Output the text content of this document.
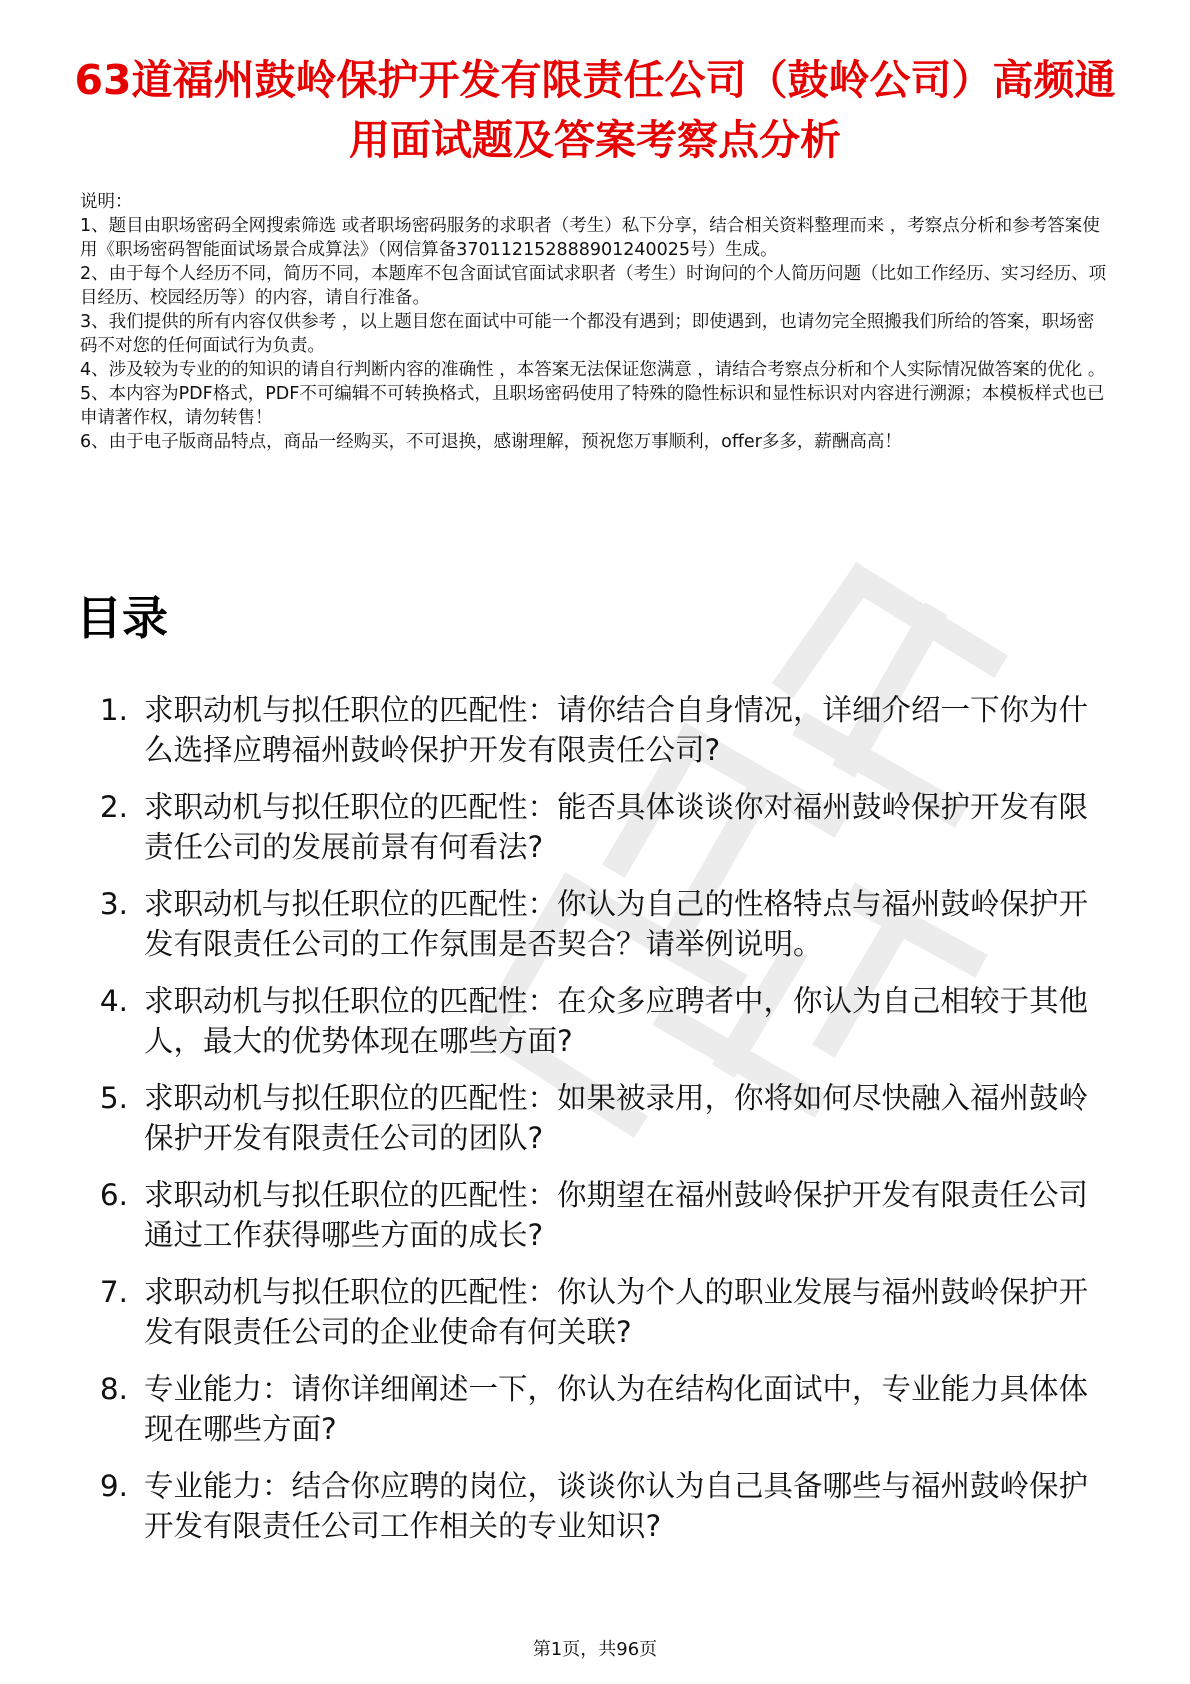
63道福州鼓岭保护开发有限责任公司（鼓岭公司）高频通用面试题及答案考察点分析

说明：

1、题目由职场密码全网搜索筛选 或者职场密码服务的求职者（考生）私下分享，结合相关资料整理而来 ，考察点分析和参考答案使用《职场密码智能面试场景合成算法》（网信算备370112152888901240025号）生成。

2、由于每个人经历不同，简历不同，本题库不包含面试官面试求职者（考生）时询问的个人简历问题（比如工作经历、实习经历、项目经历、校园经历等）的内容，请自行准备。

3、我们提供的所有内容仅供参考 ，以上题目您在面试中可能一个都没有遇到；即使遇到，也请勿完全照搬我们所给的答案，职场密码不对您的任何面试行为负责。

4、涉及较为专业的的知识的请自行判断内容的准确性 ，本答案无法保证您满意 ，请结合考察点分析和个人实际情况做答案的优化 。

5、本内容为PDF格式，PDF不可编辑不可转换格式，且职场密码使用了特殊的隐性标识和显性标识对内容进行溯源；本模板样式也已申请著作权，请勿转售！

6、由于电子版商品特点，商品一经购买，不可退换，感谢理解，预祝您万事顺利，offer多多，薪酬高高！

目录
1. 求职动机与拟任职位的匹配性：请你结合自身情况，详细介绍一下你为什么选择应聘福州鼓岭保护开发有限责任公司?
2. 求职动机与拟任职位的匹配性：能否具体谈谈你对福州鼓岭保护开发有限责任公司的发展前景有何看法?
3. 求职动机与拟任职位的匹配性：你认为自己的性格特点与福州鼓岭保护开发有限责任公司的工作氛围是否契合？请举例说明。
4. 求职动机与拟任职位的匹配性：在众多应聘者中，你认为自己相较于其他人，最大的优势体现在哪些方面?
5. 求职动机与拟任职位的匹配性：如果被录用，你将如何尽快融入福州鼓岭保护开发有限责任公司的团队?
6. 求职动机与拟任职位的匹配性：你期望在福州鼓岭保护开发有限责任公司通过工作获得哪些方面的成长?
7. 求职动机与拟任职位的匹配性：你认为个人的职业发展与福州鼓岭保护开发有限责任公司的企业使命有何关联?
8. 专业能力：请你详细阐述一下，你认为在结构化面试中，专业能力具体体现在哪些方面?
9. 专业能力：结合你应聘的岗位，谈谈你认为自己具备哪些与福州鼓岭保护开发有限责任公司工作相关的专业知识?
第1页，共96页
